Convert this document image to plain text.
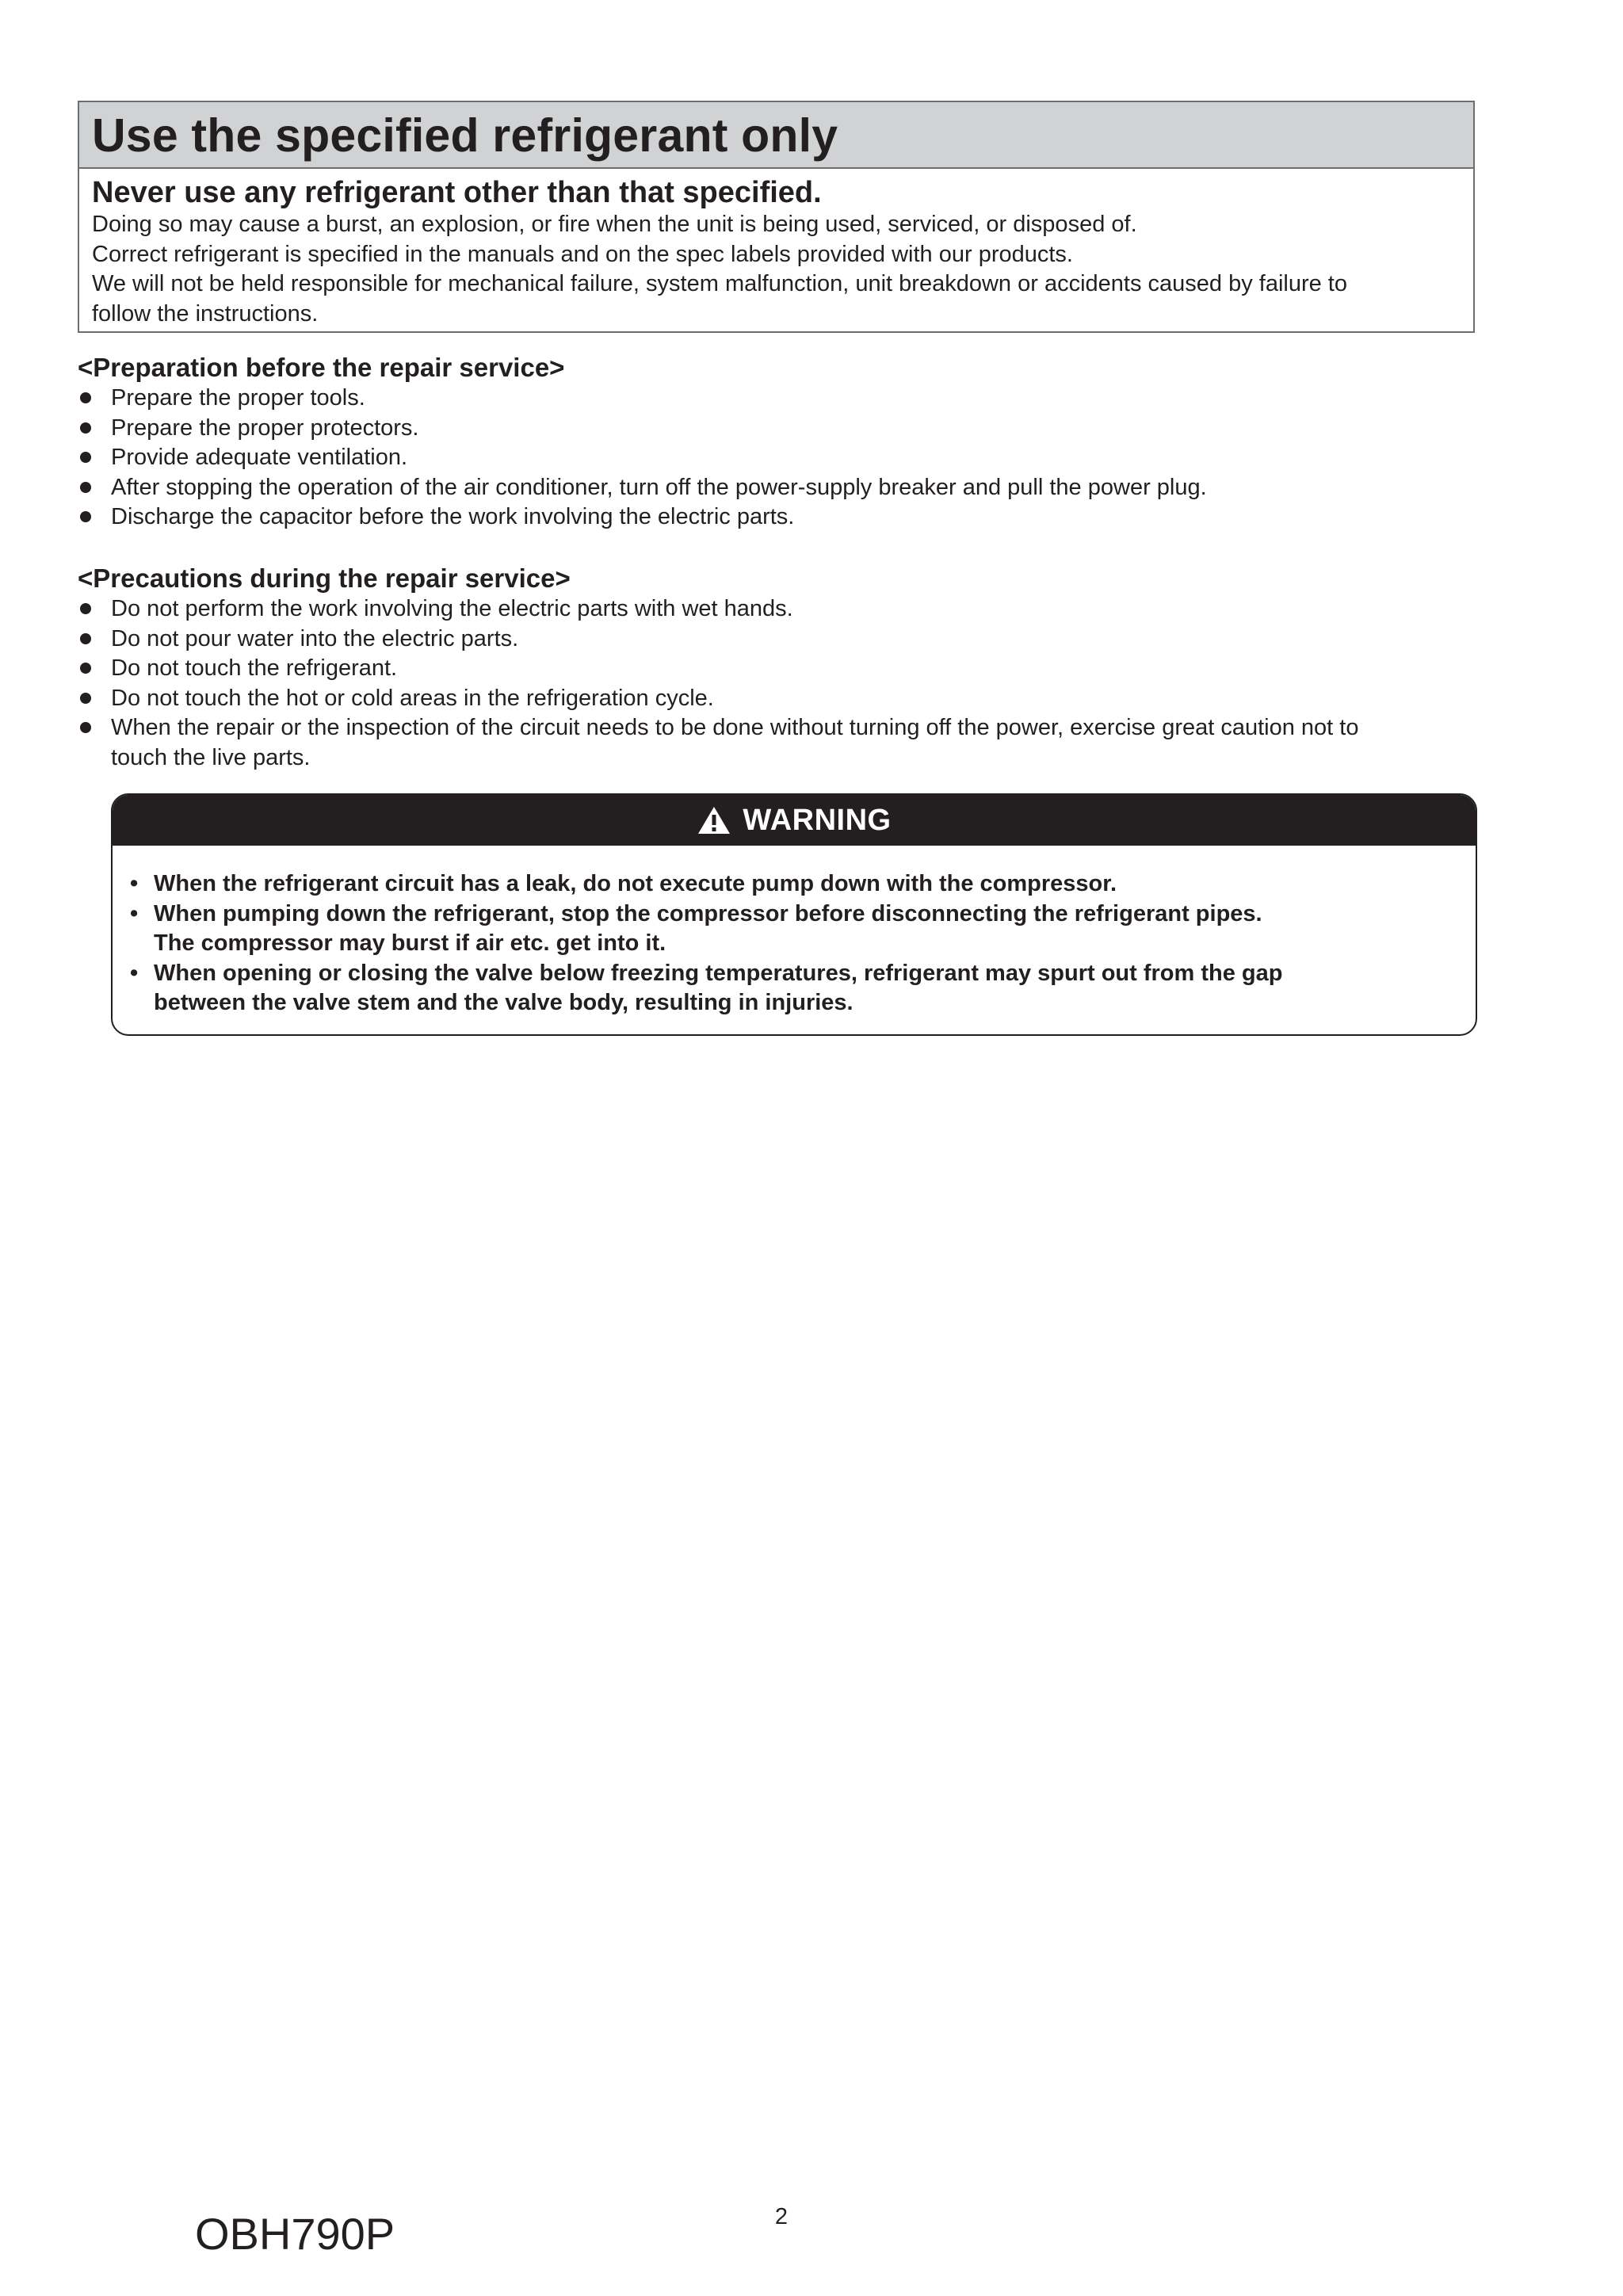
Use the specified refrigerant only

Never use any refrigerant other than that specified.

Doing so may cause a burst, an explosion, or fire when the unit is being used, serviced, or disposed of.

Correct refrigerant is specified in the manuals and on the spec labels provided with our products.

We will not be held responsible for mechanical failure, system malfunction, unit breakdown or accidents caused by failure to

follow the instructions.

<Preparation before the repair service>

Prepare the proper tools.
Prepare the proper protectors.
Provide adequate ventilation.
After stopping the operation of the air conditioner, turn off the power-supply breaker and pull the power plug.
Discharge the capacitor before the work involving the electric parts.

<Precautions during the repair service>

Do not perform the work involving the electric parts with wet hands.
Do not pour water into the electric parts.
Do not touch the refrigerant.
Do not touch the hot or cold areas in the refrigeration cycle.
When the repair or the inspection of the circuit needs to be done without turning off the power, exercise great caution not to
touch the live parts.
WARNING
• When the refrigerant circuit has a leak, do not execute pump down with the compressor.
• When pumping down the refrigerant, stop the compressor before disconnecting the refrigerant pipes.
The compressor may burst if air etc. get into it.
• When opening or closing the valve below freezing temperatures, refrigerant may spurt out from the gap
between the valve stem and the valve body, resulting in injuries.
2
OBH790P
